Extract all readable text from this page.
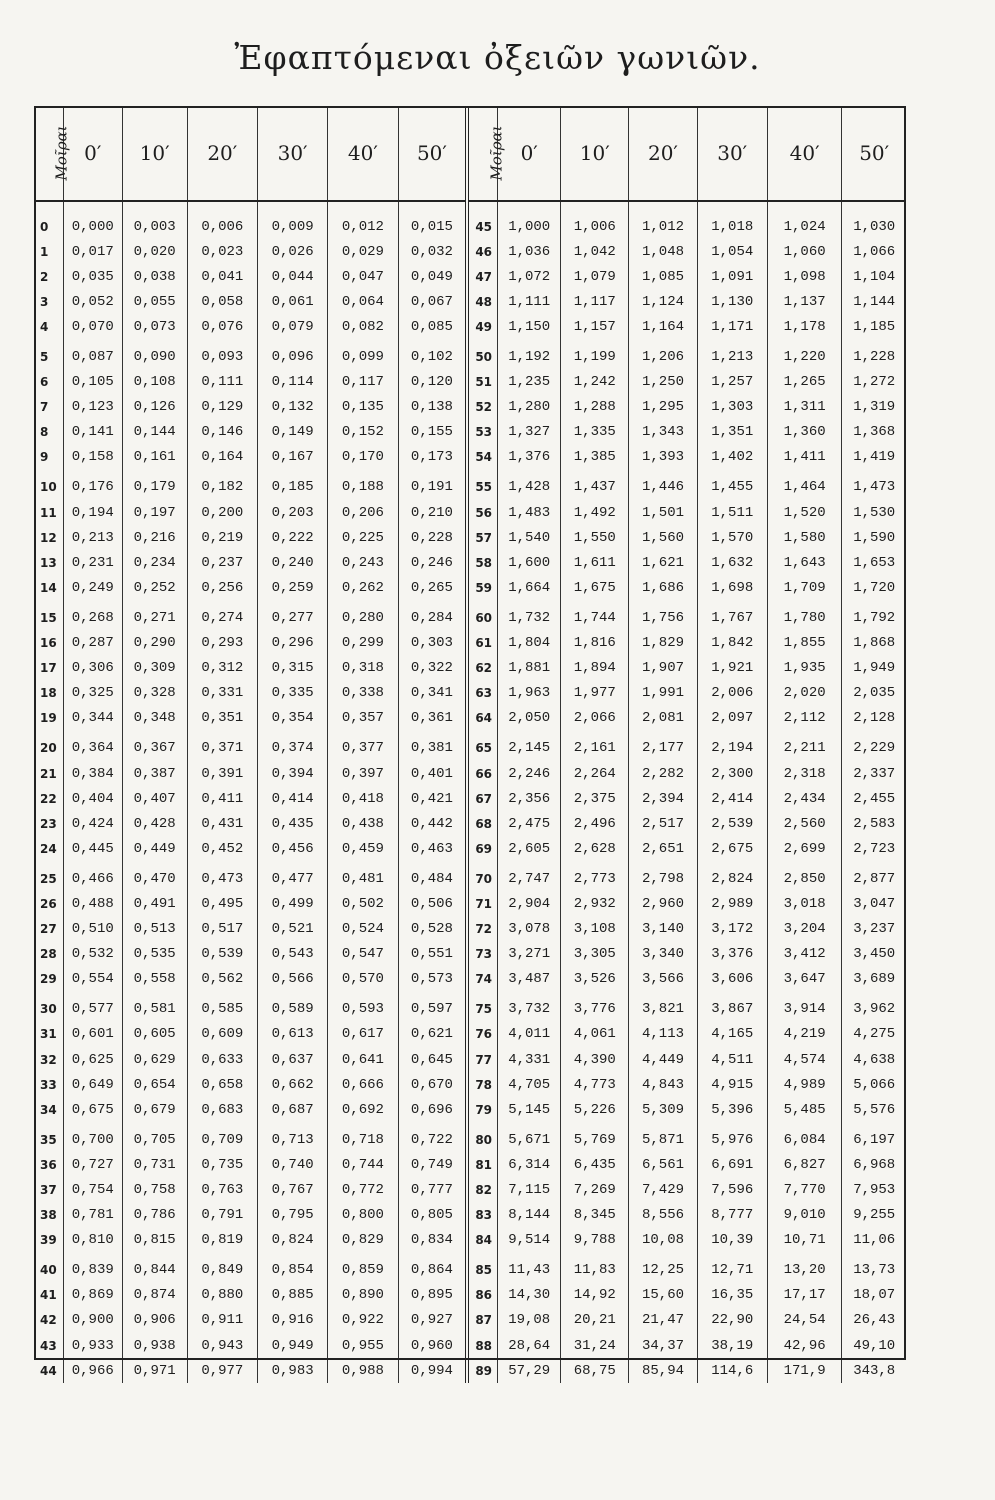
Ἐφαπτόμεναι ὀξειῶν γωνιῶν.
Μοῖραι	0′	10′	20′	30′	40′	50′	Μοῖραι	0′	10′	20′	30′	40′	50′

0	0,000	0,003	0,006	0,009	0,012	0,015	45	1,000	1,006	1,012	1,018	1,024	1,030
1	0,017	0,020	0,023	0,026	0,029	0,032	46	1,036	1,042	1,048	1,054	1,060	1,066
2	0,035	0,038	0,041	0,044	0,047	0,049	47	1,072	1,079	1,085	1,091	1,098	1,104
3	0,052	0,055	0,058	0,061	0,064	0,067	48	1,111	1,117	1,124	1,130	1,137	1,144
4	0,070	0,073	0,076	0,079	0,082	0,085	49	1,150	1,157	1,164	1,171	1,178	1,185
5	0,087	0,090	0,093	0,096	0,099	0,102	50	1,192	1,199	1,206	1,213	1,220	1,228
6	0,105	0,108	0,111	0,114	0,117	0,120	51	1,235	1,242	1,250	1,257	1,265	1,272
7	0,123	0,126	0,129	0,132	0,135	0,138	52	1,280	1,288	1,295	1,303	1,311	1,319
8	0,141	0,144	0,146	0,149	0,152	0,155	53	1,327	1,335	1,343	1,351	1,360	1,368
9	0,158	0,161	0,164	0,167	0,170	0,173	54	1,376	1,385	1,393	1,402	1,411	1,419
10	0,176	0,179	0,182	0,185	0,188	0,191	55	1,428	1,437	1,446	1,455	1,464	1,473
11	0,194	0,197	0,200	0,203	0,206	0,210	56	1,483	1,492	1,501	1,511	1,520	1,530
12	0,213	0,216	0,219	0,222	0,225	0,228	57	1,540	1,550	1,560	1,570	1,580	1,590
13	0,231	0,234	0,237	0,240	0,243	0,246	58	1,600	1,611	1,621	1,632	1,643	1,653
14	0,249	0,252	0,256	0,259	0,262	0,265	59	1,664	1,675	1,686	1,698	1,709	1,720
15	0,268	0,271	0,274	0,277	0,280	0,284	60	1,732	1,744	1,756	1,767	1,780	1,792
16	0,287	0,290	0,293	0,296	0,299	0,303	61	1,804	1,816	1,829	1,842	1,855	1,868
17	0,306	0,309	0,312	0,315	0,318	0,322	62	1,881	1,894	1,907	1,921	1,935	1,949
18	0,325	0,328	0,331	0,335	0,338	0,341	63	1,963	1,977	1,991	2,006	2,020	2,035
19	0,344	0,348	0,351	0,354	0,357	0,361	64	2,050	2,066	2,081	2,097	2,112	2,128
20	0,364	0,367	0,371	0,374	0,377	0,381	65	2,145	2,161	2,177	2,194	2,211	2,229
21	0,384	0,387	0,391	0,394	0,397	0,401	66	2,246	2,264	2,282	2,300	2,318	2,337
22	0,404	0,407	0,411	0,414	0,418	0,421	67	2,356	2,375	2,394	2,414	2,434	2,455
23	0,424	0,428	0,431	0,435	0,438	0,442	68	2,475	2,496	2,517	2,539	2,560	2,583
24	0,445	0,449	0,452	0,456	0,459	0,463	69	2,605	2,628	2,651	2,675	2,699	2,723
25	0,466	0,470	0,473	0,477	0,481	0,484	70	2,747	2,773	2,798	2,824	2,850	2,877
26	0,488	0,491	0,495	0,499	0,502	0,506	71	2,904	2,932	2,960	2,989	3,018	3,047
27	0,510	0,513	0,517	0,521	0,524	0,528	72	3,078	3,108	3,140	3,172	3,204	3,237
28	0,532	0,535	0,539	0,543	0,547	0,551	73	3,271	3,305	3,340	3,376	3,412	3,450
29	0,554	0,558	0,562	0,566	0,570	0,573	74	3,487	3,526	3,566	3,606	3,647	3,689
30	0,577	0,581	0,585	0,589	0,593	0,597	75	3,732	3,776	3,821	3,867	3,914	3,962
31	0,601	0,605	0,609	0,613	0,617	0,621	76	4,011	4,061	4,113	4,165	4,219	4,275
32	0,625	0,629	0,633	0,637	0,641	0,645	77	4,331	4,390	4,449	4,511	4,574	4,638
33	0,649	0,654	0,658	0,662	0,666	0,670	78	4,705	4,773	4,843	4,915	4,989	5,066
34	0,675	0,679	0,683	0,687	0,692	0,696	79	5,145	5,226	5,309	5,396	5,485	5,576
35	0,700	0,705	0,709	0,713	0,718	0,722	80	5,671	5,769	5,871	5,976	6,084	6,197
36	0,727	0,731	0,735	0,740	0,744	0,749	81	6,314	6,435	6,561	6,691	6,827	6,968
37	0,754	0,758	0,763	0,767	0,772	0,777	82	7,115	7,269	7,429	7,596	7,770	7,953
38	0,781	0,786	0,791	0,795	0,800	0,805	83	8,144	8,345	8,556	8,777	9,010	9,255
39	0,810	0,815	0,819	0,824	0,829	0,834	84	9,514	9,788	10,08	10,39	10,71	11,06
40	0,839	0,844	0,849	0,854	0,859	0,864	85	11,43	11,83	12,25	12,71	13,20	13,73
41	0,869	0,874	0,880	0,885	0,890	0,895	86	14,30	14,92	15,60	16,35	17,17	18,07
42	0,900	0,906	0,911	0,916	0,922	0,927	87	19,08	20,21	21,47	22,90	24,54	26,43
43	0,933	0,938	0,943	0,949	0,955	0,960	88	28,64	31,24	34,37	38,19	42,96	49,10
44	0,966	0,971	0,977	0,983	0,988	0,994	89	57,29	68,75	85,94	114,6	171,9	343,8
